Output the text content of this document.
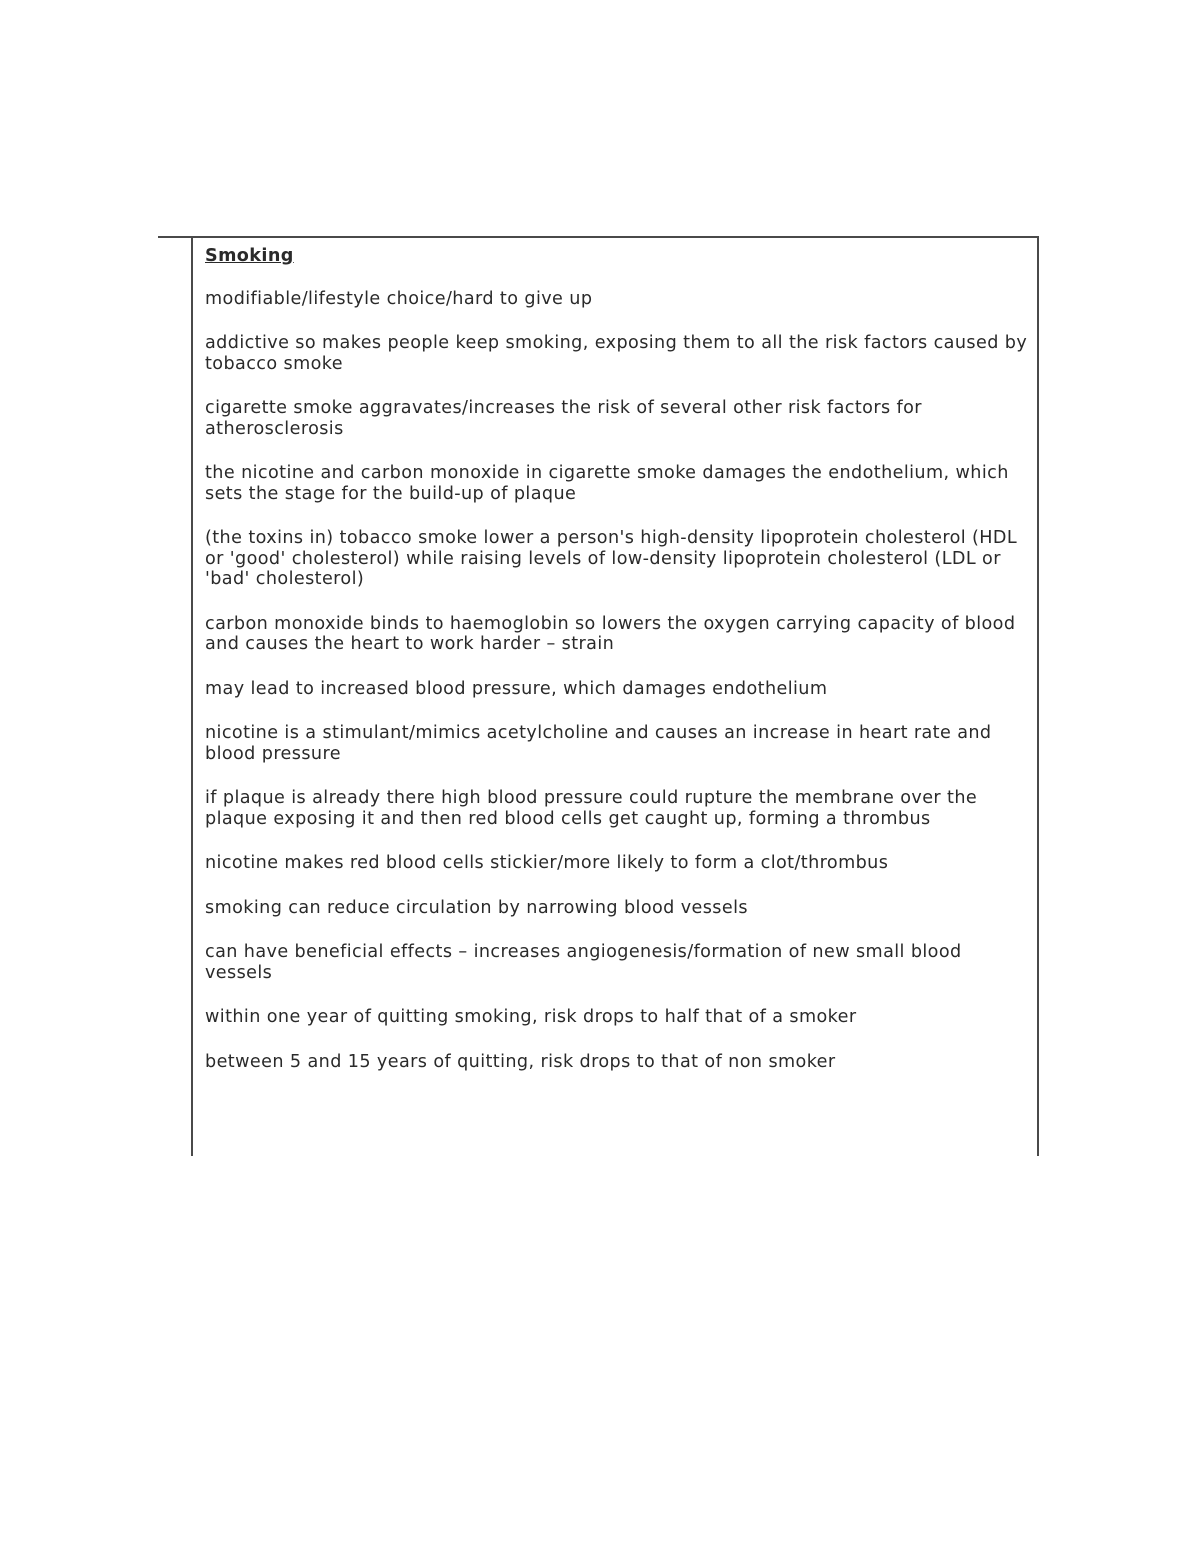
Smoking
modifiable/lifestyle choice/hard to give up
addictive so makes people keep smoking, exposing them to all the risk factors caused by tobacco smoke
cigarette smoke aggravates/increases the risk of several other risk factors for atherosclerosis
the nicotine and carbon monoxide in cigarette smoke damages the endothelium, which sets the stage for the build-up of plaque
(the toxins in) tobacco smoke lower a person's high-density lipoprotein cholesterol (HDL or 'good' cholesterol) while raising levels of low-density lipoprotein cholesterol (LDL or 'bad' cholesterol)
carbon monoxide binds to haemoglobin so lowers the oxygen carrying capacity of blood and causes the heart to work harder – strain
may lead to increased blood pressure, which damages endothelium
nicotine is a stimulant/mimics acetylcholine and causes an increase in heart rate and blood pressure
if plaque is already there high blood pressure could rupture the membrane over the plaque exposing it and then red blood cells get caught up, forming a thrombus
nicotine makes red blood cells stickier/more likely to form a clot/thrombus
smoking can reduce circulation by narrowing blood vessels
can have beneficial effects – increases angiogenesis/formation of new small blood vessels
within one year of quitting smoking, risk drops to half that of a smoker
between 5 and 15 years of quitting, risk drops to that of non smoker
